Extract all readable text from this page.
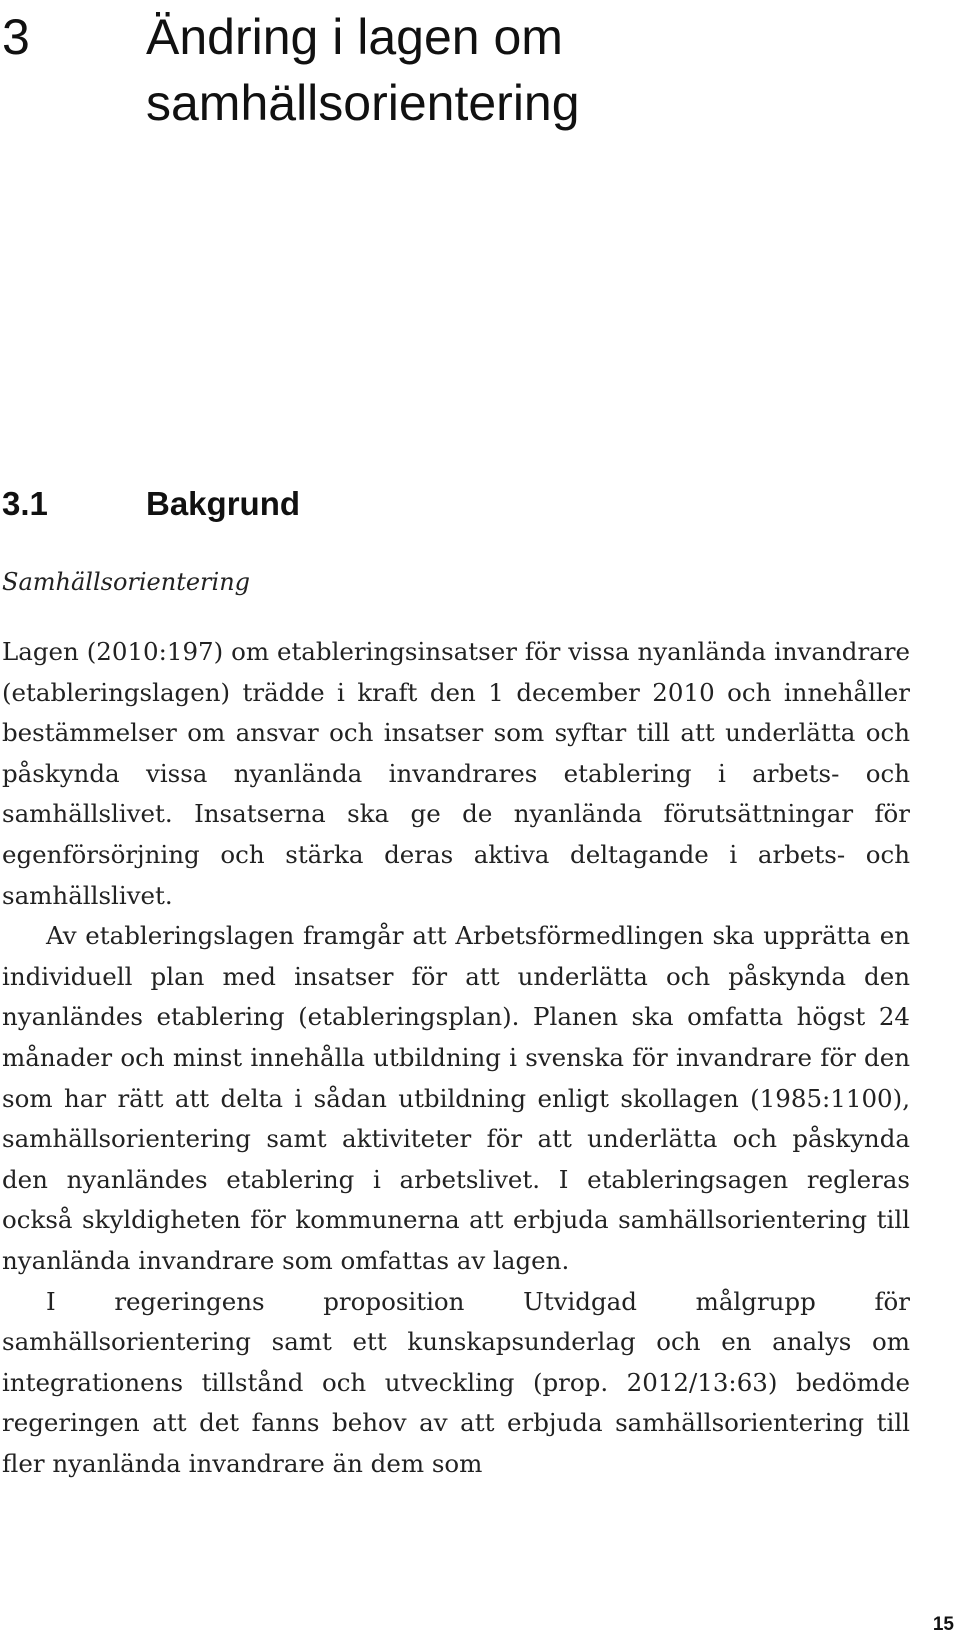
3 Ändring i lagen om samhällsorientering
3.1	Bakgrund

Samhällsorientering

Lagen (2010:197) om etableringsinsatser för vissa nyanlända invandrare (etableringslagen) trädde i kraft den 1 december 2010 och innehåller bestämmelser om ansvar och insatser som syftar till att underlätta och påskynda vissa nyanlända invandrares etablering i arbets- och samhällslivet. Insatserna ska ge de nyanlända förutsättningar för egenförsörjning och stärka deras aktiva deltagande i arbets- och samhällslivet.

Av etableringslagen framgår att Arbetsförmedlingen ska upprätta en individuell plan med insatser för att underlätta och påskynda den nyanländes etablering (etableringsplan). Planen ska omfatta högst 24 månader och minst innehålla utbildning i svenska för invandrare för den som har rätt att delta i sådan utbildning enligt skollagen (1985:1100), samhällsorientering samt aktiviteter för att underlätta och påskynda den nyanländes etablering i arbetslivet. I etableringsagen regleras också skyldigheten för kommunerna att erbjuda samhällsorientering till nyanlända invandrare som omfattas av lagen.

I regeringens proposition Utvidgad målgrupp för samhällsorientering samt ett kunskapsunderlag och en analys om integrationens tillstånd och utveckling (prop. 2012/13:63) bedömde regeringen att det fanns behov av att erbjuda samhällsorientering till fler nyanlända invandrare än dem som

15
